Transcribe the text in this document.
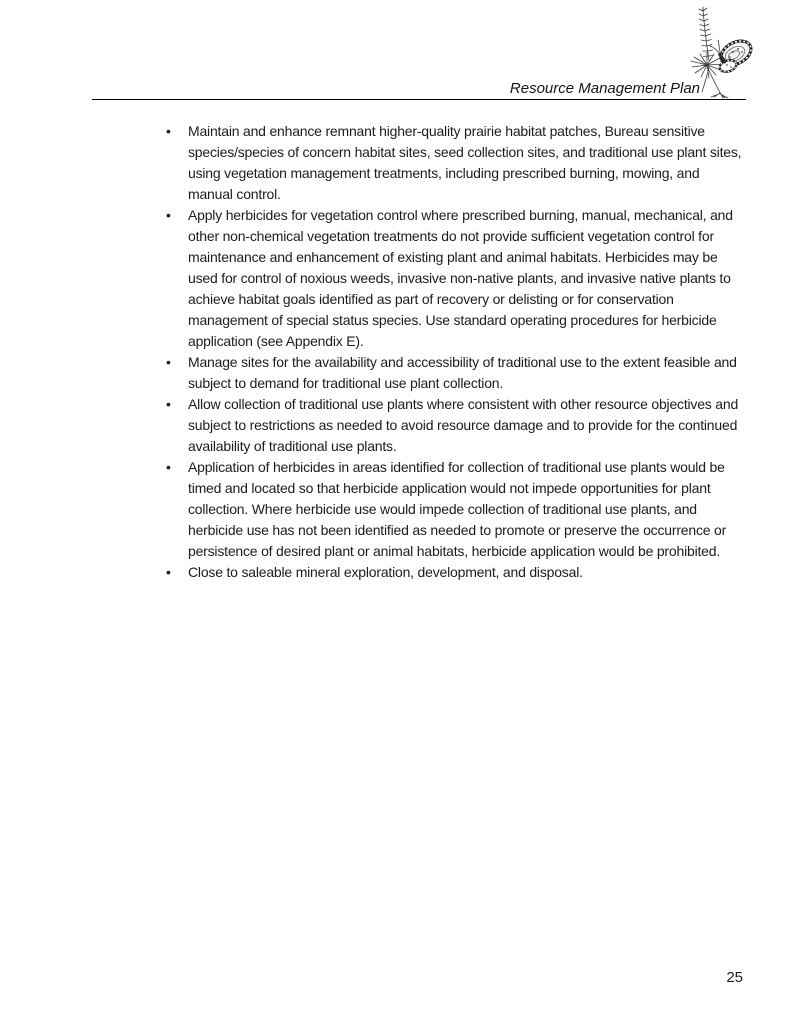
Resource Management Plan
• Maintain and enhance remnant higher-quality prairie habitat patches, Bureau sensitive species/species of concern habitat sites, seed collection sites, and traditional use plant sites, using vegetation management treatments, including prescribed burning, mowing, and manual control.
• Apply herbicides for vegetation control where prescribed burning, manual, mechanical, and other non-chemical vegetation treatments do not provide sufficient vegetation control for maintenance and enhancement of existing plant and animal habitats. Herbicides may be used for control of noxious weeds, invasive non-native plants, and invasive native plants to achieve habitat goals identified as part of recovery or delisting or for conservation management of special status species. Use standard operating procedures for herbicide application (see Appendix E).
• Manage sites for the availability and accessibility of traditional use to the extent feasible and subject to demand for traditional use plant collection.
• Allow collection of traditional use plants where consistent with other resource objectives and subject to restrictions as needed to avoid resource damage and to provide for the continued availability of traditional use plants.
• Application of herbicides in areas identified for collection of traditional use plants would be timed and located so that herbicide application would not impede opportunities for plant collection. Where herbicide use would impede collection of traditional use plants, and herbicide use has not been identified as needed to promote or preserve the occurrence or persistence of desired plant or animal habitats, herbicide application would be prohibited.
• Close to saleable mineral exploration, development, and disposal.
25
